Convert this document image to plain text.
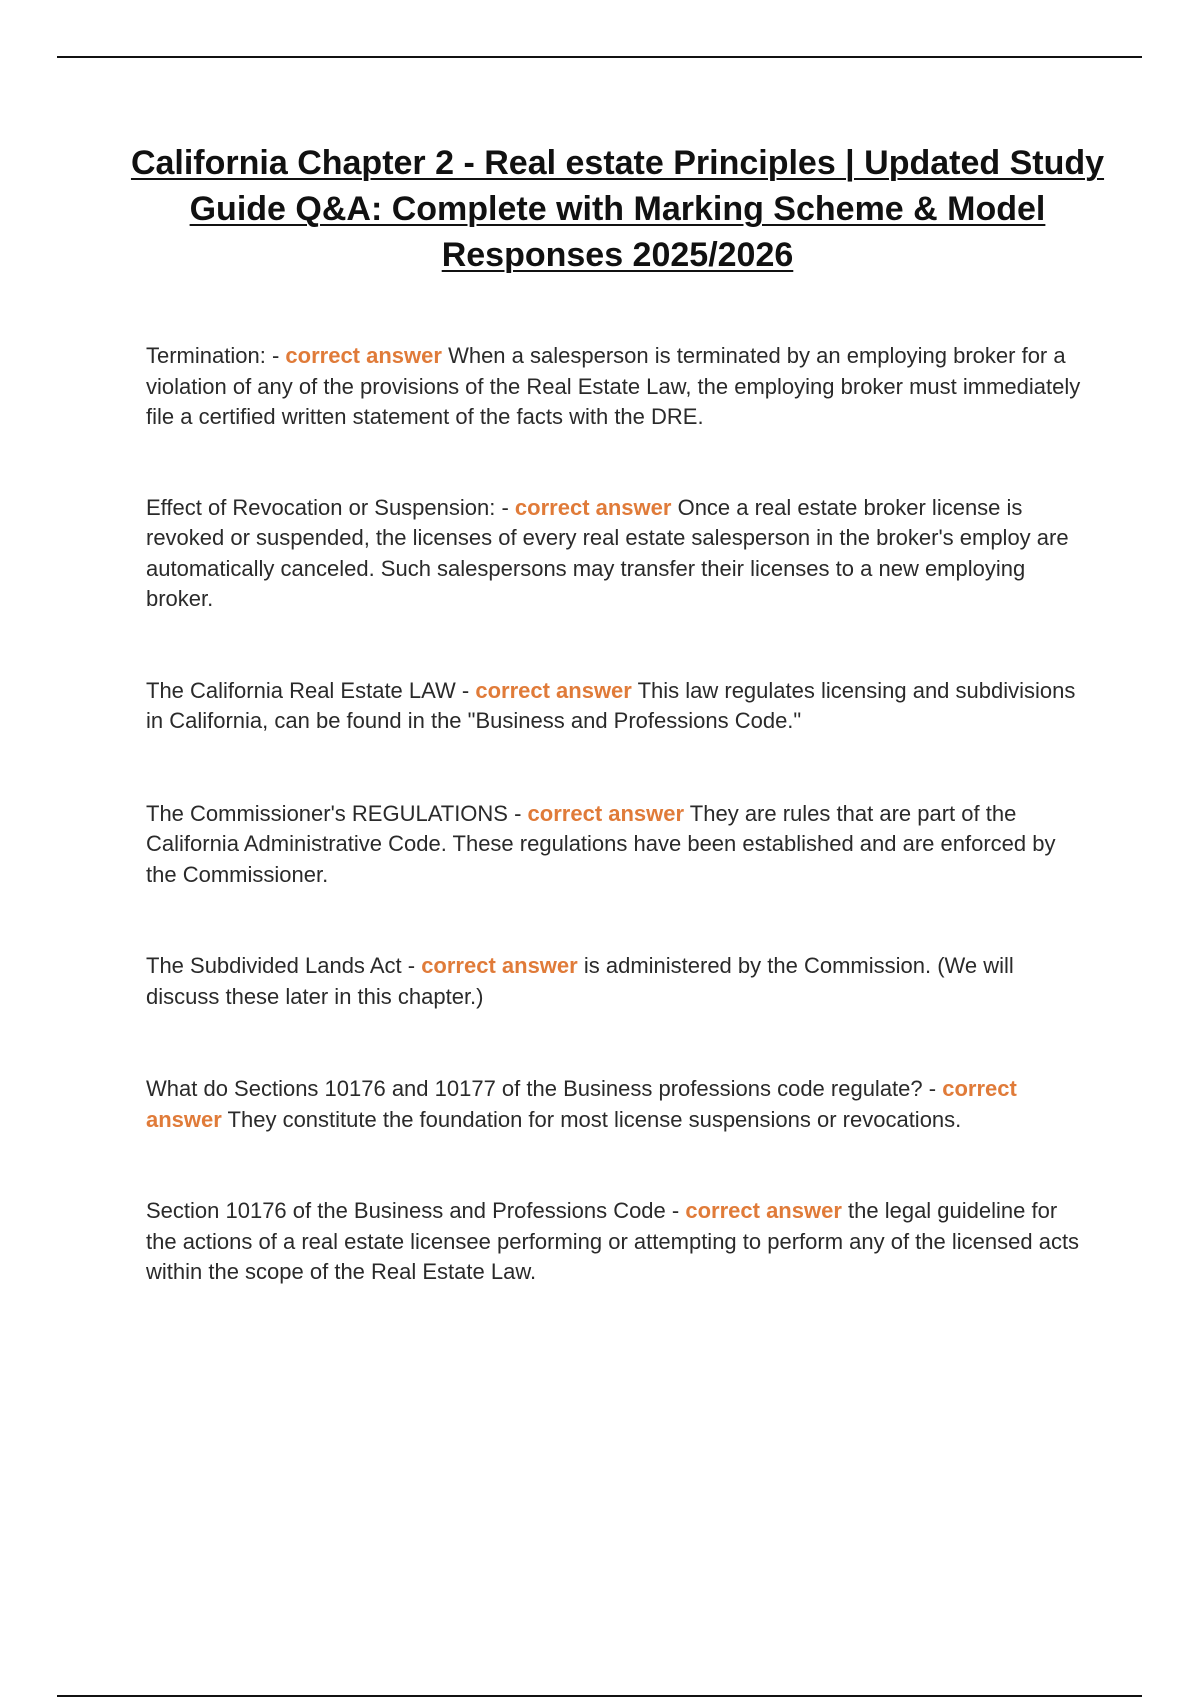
California Chapter 2 - Real estate Principles | Updated Study Guide Q&A: Complete with Marking Scheme & Model Responses 2025/2026

Termination: - correct answer When a salesperson is terminated by an employing broker for a violation of any of the provisions of the Real Estate Law, the employing broker must immediately file a certified written statement of the facts with the DRE.

Effect of Revocation or Suspension: - correct answer Once a real estate broker license is revoked or suspended, the licenses of every real estate salesperson in the broker's employ are automatically canceled. Such salespersons may transfer their licenses to a new employing broker.

The California Real Estate LAW - correct answer This law regulates licensing and subdivisions in California, can be found in the "Business and Professions Code."

The Commissioner's REGULATIONS - correct answer They are rules that are part of the California Administrative Code. These regulations have been established and are enforced by the Commissioner.

The Subdivided Lands Act - correct answer is administered by the Commission. (We will discuss these later in this chapter.)

What do Sections 10176 and 10177 of the Business professions code regulate? - correct answer They constitute the foundation for most license suspensions or revocations.

Section 10176 of the Business and Professions Code - correct answer the legal guideline for the actions of a real estate licensee performing or attempting to perform any of the licensed acts within the scope of the Real Estate Law.
